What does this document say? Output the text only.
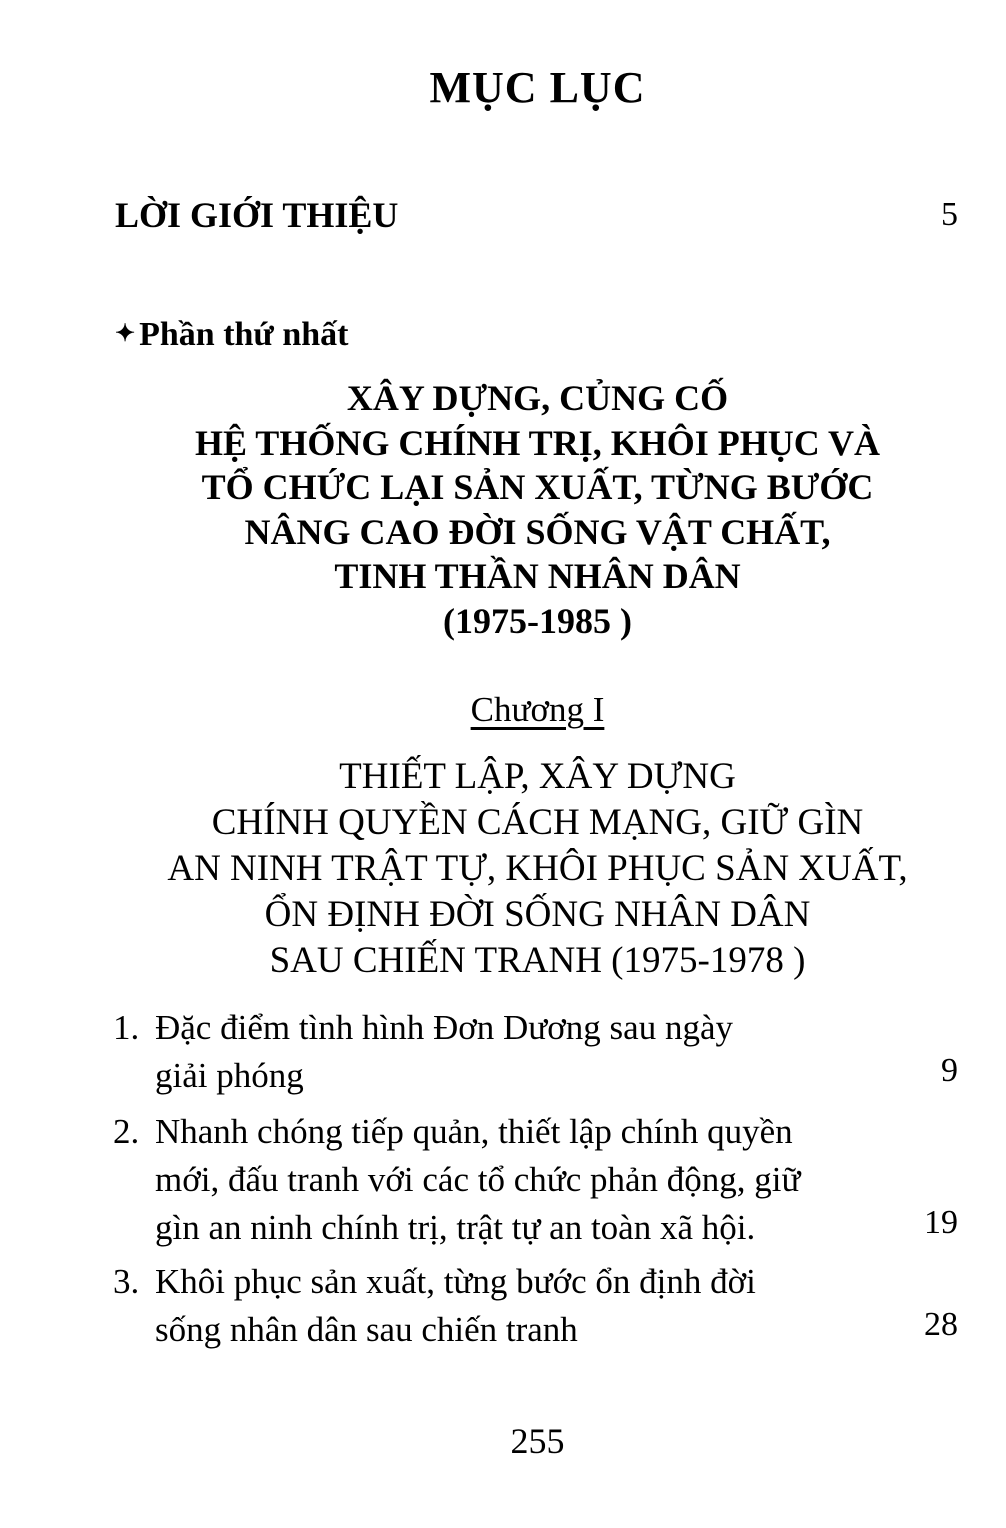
MỤC LỤC
LỜI GIỚI THIỆU	5
✦ Phần thứ nhất
XÂY DỰNG, CỦNG CỐ
HỆ THỐNG CHÍNH TRỊ, KHÔI PHỤC VÀ
TỔ CHỨC LẠI SẢN XUẤT, TỪNG BƯỚC
NÂNG CAO ĐỜI SỐNG VẬT CHẤT,
TINH THẦN NHÂN DÂN
(1975-1985 )
Chương I
THIẾT LẬP, XÂY DỰNG
CHÍNH QUYỀN CÁCH MẠNG, GIỮ GÌN
AN NINH TRẬT TỰ, KHÔI PHỤC SẢN XUẤT,
ỔN ĐỊNH ĐỜI SỐNG NHÂN DÂN
SAU CHIẾN TRANH (1975-1978 )
1. Đặc điểm tình hình Đơn Dương sau ngày
giải phóng	9
2. Nhanh chóng tiếp quản, thiết lập chính quyền
mới, đấu tranh với các tổ chức phản động, giữ
gìn an ninh chính trị, trật tự an toàn xã hội.	19
3. Khôi phục sản xuất, từng bước ổn định đời
sống nhân dân sau chiến tranh	28
255
